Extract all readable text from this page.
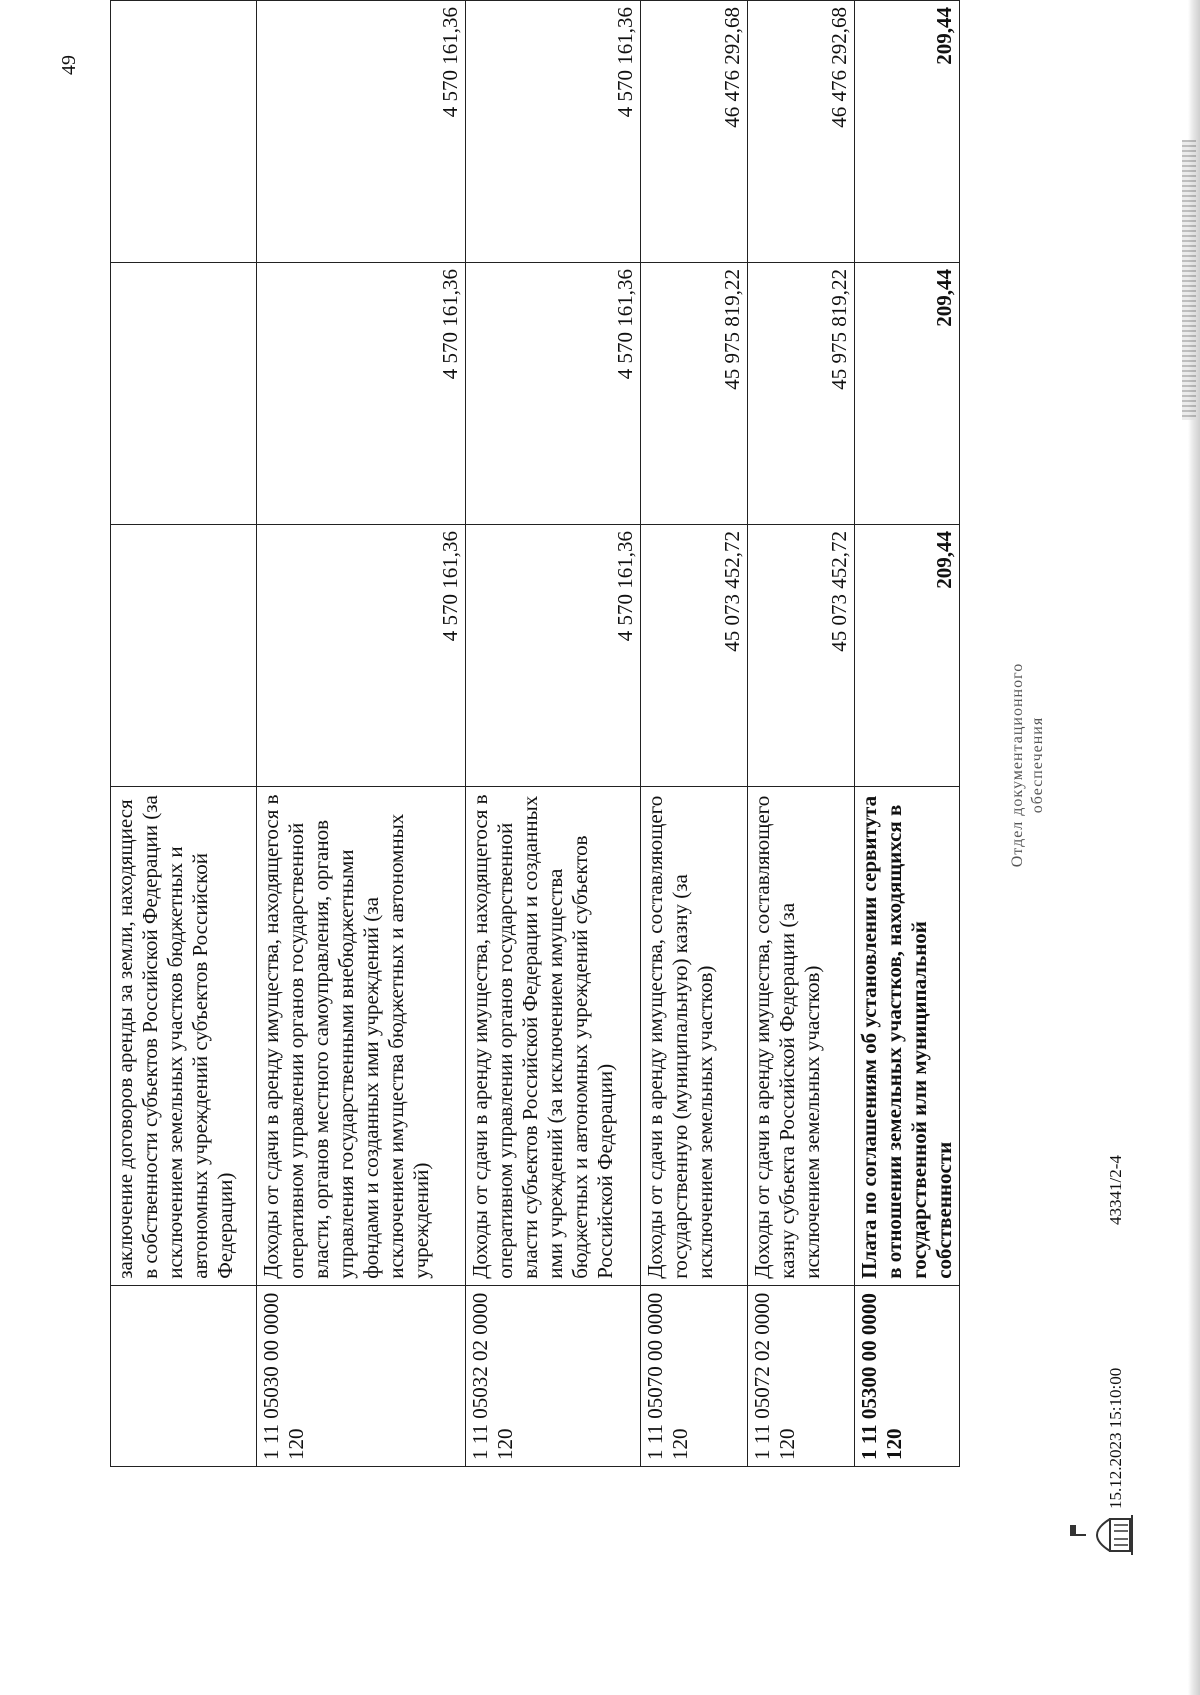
49
	заключение договоров аренды за земли, находящиеся в собственности субъектов Российской Федерации (за исключением земельных участков бюджетных и автономных учреждений субъектов Российской Федерации)			
1 11 05030 00 0000 120	Доходы от сдачи в аренду имущества, находящегося в оперативном управлении органов государственной власти, органов местного самоуправления, органов управления государственными внебюджетными фондами и созданных ими учреждений (за исключением имущества бюджетных и автономных учреждений)	4 570 161,36	4 570 161,36	4 570 161,36
1 11 05032 02 0000 120	Доходы от сдачи в аренду имущества, находящегося в оперативном управлении органов государственной власти субъектов Российской Федерации и созданных ими учреждений (за исключением имущества бюджетных и автономных учреждений субъектов Российской Федерации)	4 570 161,36	4 570 161,36	4 570 161,36
1 11 05070 00 0000 120	Доходы от сдачи в аренду имущества, составляющего государственную (муниципальную) казну (за исключением земельных участков)	45 073 452,72	45 975 819,22	46 476 292,68
1 11 05072 02 0000 120	Доходы от сдачи в аренду имущества, составляющего казну субъекта Российской Федерации (за исключением земельных участков)	45 073 452,72	45 975 819,22	46 476 292,68
1 11 05300 00 0000 120	Плата по соглашениям об установлении сервитута в отношении земельных участков, находящихся в государственной или муниципальной собственности	209,44	209,44	209,44
Отдел документационного обеспечения
15.12.2023 15:10:00
43341/2-4
